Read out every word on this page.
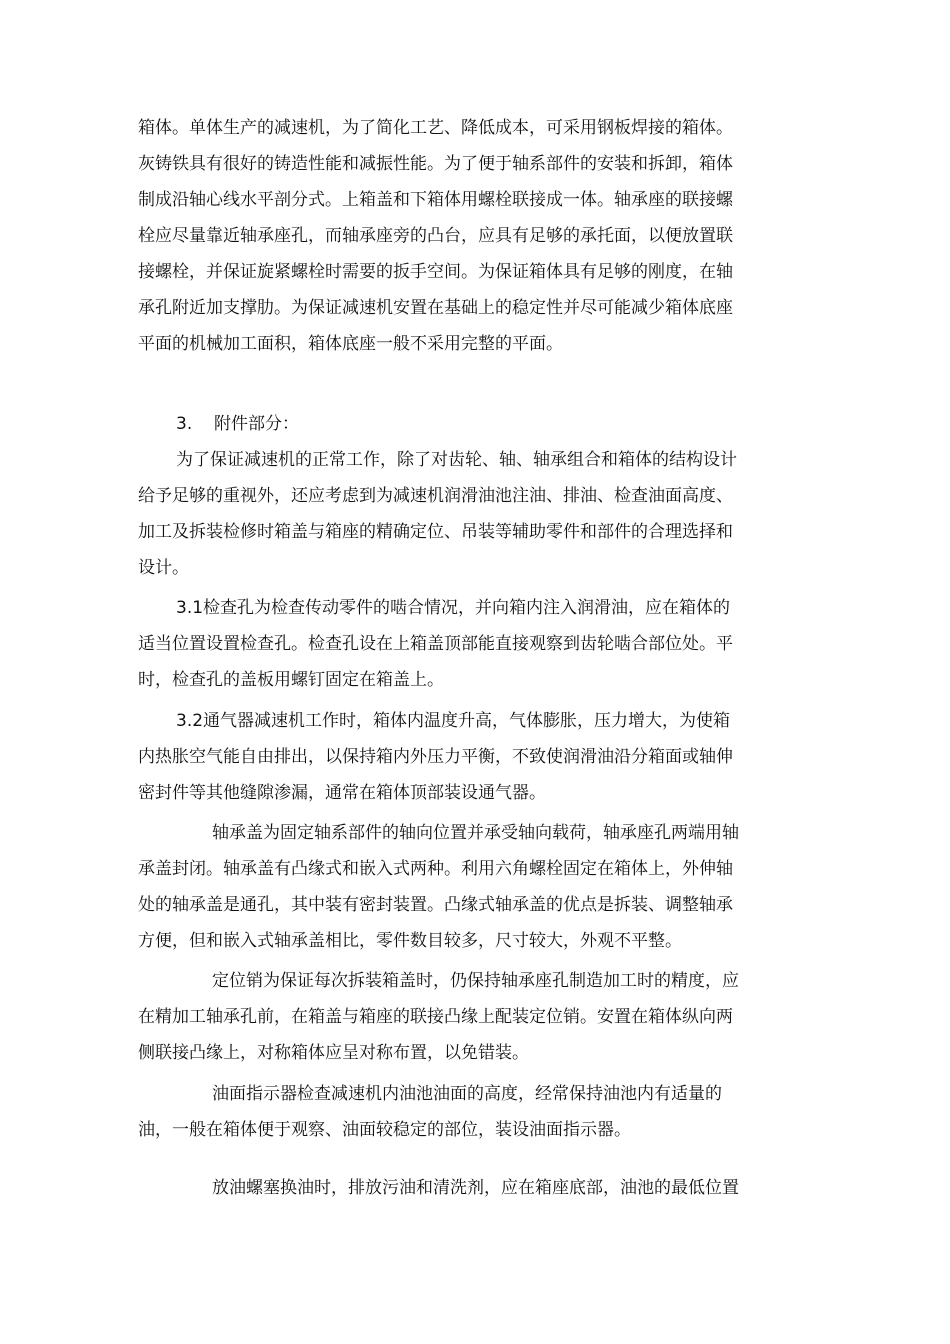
箱体。单体生产的减速机，为了简化工艺、降低成本，可采用钢板焊接的箱体。
灰铸铁具有很好的铸造性能和减振性能。为了便于轴系部件的安装和拆卸，箱体
制成沿轴心线水平剖分式。上箱盖和下箱体用螺栓联接成一体。轴承座的联接螺
栓应尽量靠近轴承座孔，而轴承座旁的凸台，应具有足够的承托面，以便放置联
接螺栓，并保证旋紧螺栓时需要的扳手空间。为保证箱体具有足够的刚度，在轴
承孔附近加支撑肋。为保证减速机安置在基础上的稳定性并尽可能减少箱体底座
平面的机械加工面积，箱体底座一般不采用完整的平面。
3. 附件部分：
为了保证减速机的正常工作，除了对齿轮、轴、轴承组合和箱体的结构设计
给予足够的重视外，还应考虑到为减速机润滑油池注油、排油、检查油面高度、
加工及拆装检修时箱盖与箱座的精确定位、吊装等辅助零件和部件的合理选择和
设计。
3.1检查孔为检查传动零件的啮合情况，并向箱内注入润滑油，应在箱体的
适当位置设置检查孔。检查孔设在上箱盖顶部能直接观察到齿轮啮合部位处。平
时，检查孔的盖板用螺钉固定在箱盖上。
3.2通气器减速机工作时，箱体内温度升高，气体膨胀，压力增大，为使箱
内热胀空气能自由排出，以保持箱内外压力平衡，不致使润滑油沿分箱面或轴伸
密封件等其他缝隙渗漏，通常在箱体顶部装设通气器。
轴承盖为固定轴系部件的轴向位置并承受轴向载荷，轴承座孔两端用轴
承盖封闭。轴承盖有凸缘式和嵌入式两种。利用六角螺栓固定在箱体上，外伸轴
处的轴承盖是通孔，其中装有密封装置。凸缘式轴承盖的优点是拆装、调整轴承
方便，但和嵌入式轴承盖相比，零件数目较多，尺寸较大，外观不平整。
定位销为保证每次拆装箱盖时，仍保持轴承座孔制造加工时的精度，应
在精加工轴承孔前，在箱盖与箱座的联接凸缘上配装定位销。安置在箱体纵向两
侧联接凸缘上，对称箱体应呈对称布置，以免错装。
油面指示器检查减速机内油池油面的高度，经常保持油池内有适量的
油，一般在箱体便于观察、油面较稳定的部位，装设油面指示器。
放油螺塞换油时，排放污油和清洗剂，应在箱座底部，油池的最低位置
